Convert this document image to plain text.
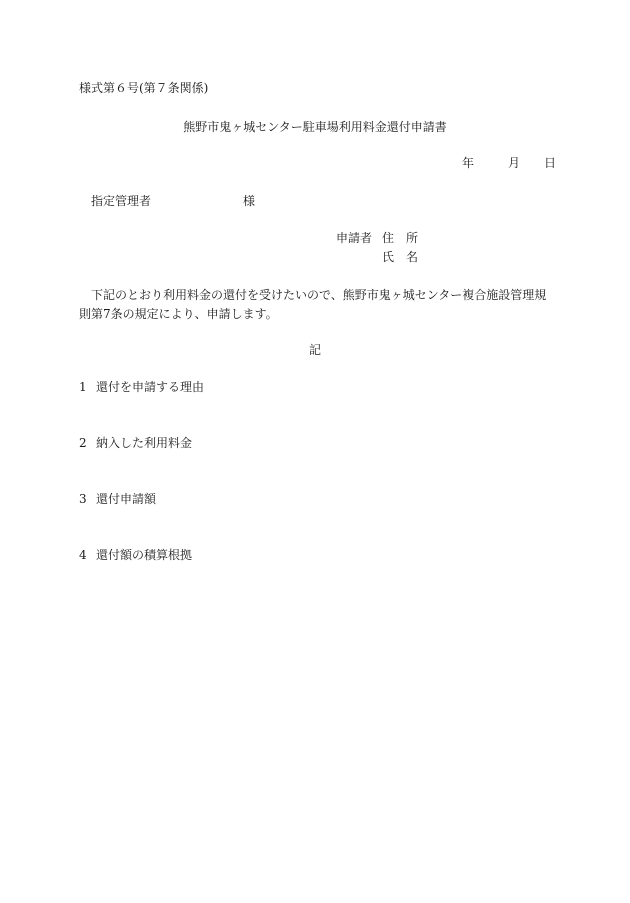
様式第６号(第７条関係)
熊野市鬼ヶ城センター駐車場利用料金還付申請書
年	月 日
指定管理者	様
申請者 住　所
氏　名
下記のとおり利用料金の還付を受けたいので、熊野市鬼ヶ城センター複合施設管理規則第7条の規定により、申請します。
記
1 還付を申請する理由
2 納入した利用料金
3 還付申請額
4 還付額の積算根拠
